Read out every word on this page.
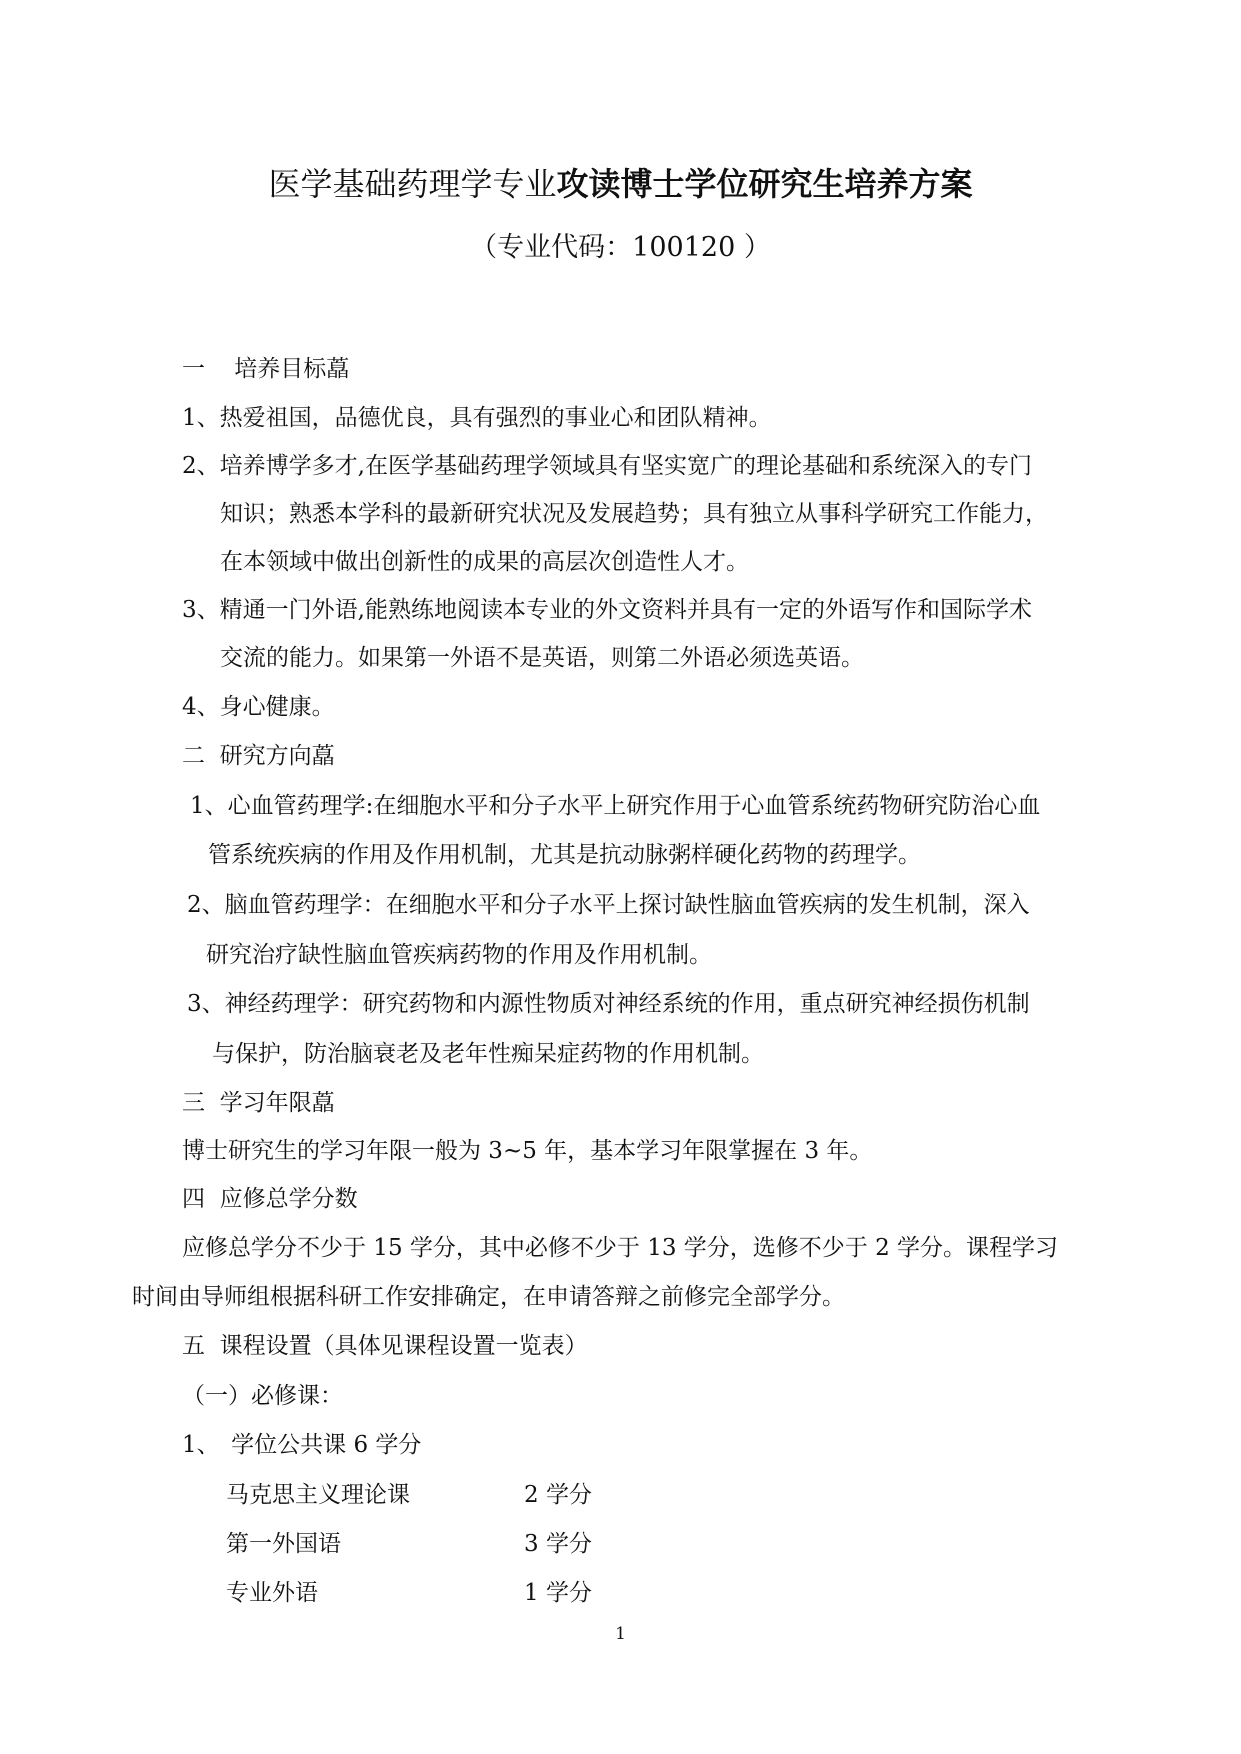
医学基础药理学专业攻读博士学位研究生培养方案
（专业代码：100120 ）
一 培养目标藠
1、热爱祖国，品德优良，具有强烈的事业心和团队精神。
2、培养博学多才,在医学基础药理学领域具有坚实宽广的理论基础和系统深入的专门
知识；熟悉本学科的最新研究状况及发展趋势；具有独立从事科学研究工作能力，
在本领域中做出创新性的成果的高层次创造性人才。
3、精通一门外语,能熟练地阅读本专业的外文资料并具有一定的外语写作和国际学术
交流的能力。如果第一外语不是英语，则第二外语必须选英语。
4、身心健康。
二 研究方向藠
1、心血管药理学:在细胞水平和分子水平上研究作用于心血管系统药物研究防治心血
管系统疾病的作用及作用机制，尤其是抗动脉粥样硬化药物的药理学。
2、脑血管药理学：在细胞水平和分子水平上探讨缺性脑血管疾病的发生机制，深入
研究治疗缺性脑血管疾病药物的作用及作用机制。
3、神经药理学：研究药物和内源性物质对神经系统的作用，重点研究神经损伤机制
与保护，防治脑衰老及老年性痴呆症药物的作用机制。
三 学习年限藠
博士研究生的学习年限一般为 3~5 年，基本学习年限掌握在 3 年。
四 应修总学分数
应修总学分不少于 15 学分，其中必修不少于 13 学分，选修不少于 2 学分。课程学习
时间由导师组根据科研工作安排确定，在申请答辩之前修完全部学分。
五 课程设置（具体见课程设置一览表）
（一）必修课：
1、　学位公共课 6 学分
马克思主义理论课	2 学分
第一外国语	3 学分
专业外语	1 学分
1
